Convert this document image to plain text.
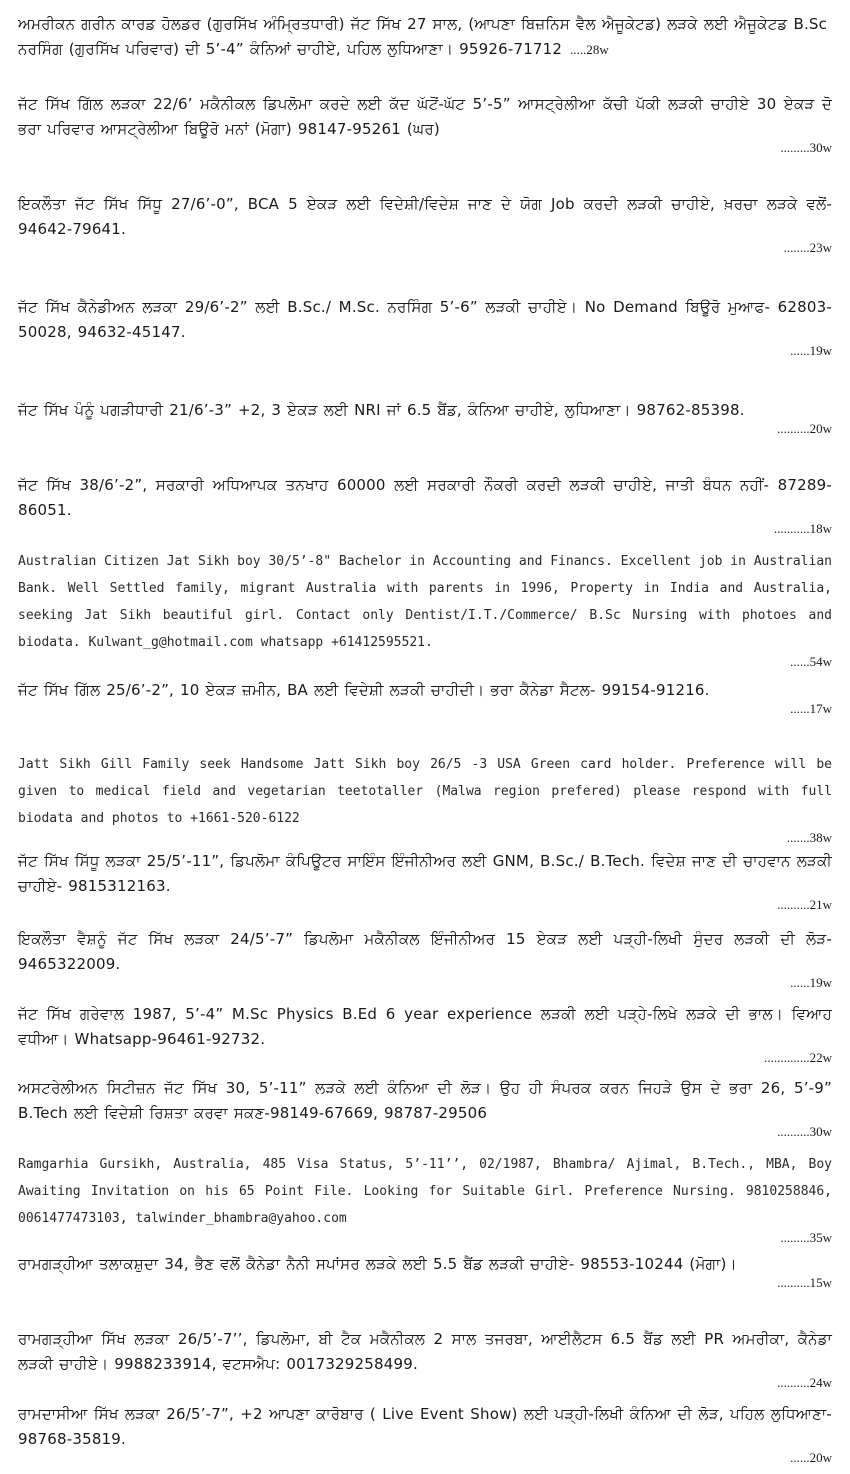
ਅਮਰੀਕਨ ਗਰੀਨ ਕਾਰਡ ਹੋਲਡਰ (ਗੁਰਸਿੱਖ ਅੰਮ੍ਰਿਤਧਾਰੀ) ਜੱਟ ਸਿੱਖ 27 ਸਾਲ, (ਆਪਣਾ ਬਿਜ਼ਨਿਸ ਵੈਲ ਐਜੂਕੇਟਡ) ਲੜਕੇ ਲਈ ਐਜੂਕੇਟਡ B.Sc ਨਰਸਿੰਗ (ਗੁਰਸਿੱਖ ਪਰਿਵਾਰ) ਦੀ 5’-4” ਕੰਨਿਆਂ ਚਾਹੀਏ, ਪਹਿਲ ਲੁਧਿਆਣਾ। 95926-71712 .....28w
ਜੱਟ ਸਿੱਖ ਗਿੱਲ ਲੜਕਾ 22/6’ ਮਕੈਨੀਕਲ ਡਿਪਲੋਮਾ ਕਰਦੇ ਲਈ ਕੱਦ ਘੱਟੋਂ-ਘੱਟ 5’-5” ਆਸਟ੍ਰੇਲੀਆ ਕੱਚੀ ਪੱਕੀ ਲੜਕੀ ਚਾਹੀਏ 30 ਏਕੜ ਦੋ ਭਰਾ ਪਰਿਵਾਰ ਆਸਟ੍ਰੇਲੀਆ ਬਿਊਰੋ ਮਨਾਂ (ਮੋਗਾ) 98147-95261 (ਘਰ)
.........30w
ਇਕਲੌਤਾ ਜੱਟ ਸਿੱਖ ਸਿੱਧੂ 27/6’-0”, BCA 5 ਏਕੜ ਲਈ ਵਿਦੇਸ਼ੀ/ਵਿਦੇਸ਼ ਜਾਣ ਦੇ ਯੋਗ Job ਕਰਦੀ ਲੜਕੀ ਚਾਹੀਏ, ਖ਼ਰਚਾ ਲੜਕੇ ਵਲੋਂ- 94642-79641.
........23w
ਜੱਟ ਸਿੱਖ ਕੈਨੇਡੀਅਨ ਲੜਕਾ 29/6’-2” ਲਈ B.Sc./ M.Sc. ਨਰਸਿੰਗ 5’-6” ਲੜਕੀ ਚਾਹੀਏ। No Demand ਬਿਊਰੋ ਮੁਆਫ- 62803-50028, 94632-45147.
......19w
ਜੱਟ ਸਿੱਖ ਪੰਨੂੰ ਪਗੜੀਧਾਰੀ 21/6’-3” +2, 3 ਏਕੜ ਲਈ NRI ਜਾਂ 6.5 ਬੈਂਡ, ਕੰਨਿਆ ਚਾਹੀਏ, ਲੁਧਿਆਣਾ। 98762-85398.
..........20w
ਜੱਟ ਸਿੱਖ 38/6’-2”, ਸਰਕਾਰੀ ਅਧਿਆਪਕ ਤਨਖਾਹ 60000 ਲਈ ਸਰਕਾਰੀ ਨੌਕਰੀ ਕਰਦੀ ਲੜਕੀ ਚਾਹੀਏ, ਜਾਤੀ ਬੰਧਨ ਨਹੀਂ- 87289-86051.
...........18w
Australian Citizen Jat Sikh boy 30/5’-8" Bachelor in Accounting and Financs. Excellent job in Australian Bank. Well Settled family, migrant Australia with parents in 1996, Property in India and Australia, seeking Jat Sikh beautiful girl. Contact only Dentist/I.T./Commerce/ B.Sc Nursing with photoes and biodata. Kulwant_g@hotmail.com whatsapp +61412595521.
......54w
ਜੱਟ ਸਿੱਖ ਗਿੱਲ 25/6’-2”, 10 ਏਕੜ ਜ਼ਮੀਨ, BA ਲਈ ਵਿਦੇਸ਼ੀ ਲੜਕੀ ਚਾਹੀਦੀ। ਭਰਾ ਕੈਨੇਡਾ ਸੈਟਲ- 99154-91216.
......17w
Jatt Sikh Gill Family seek Handsome Jatt Sikh boy 26/5 -3 USA Green card holder. Preference will be given to medical field and vegetarian teetotaller (Malwa region prefered) please respond with full biodata and photos to +1661-520-6122
.......38w
ਜੱਟ ਸਿੱਖ ਸਿੱਧੂ ਲੜਕਾ 25/5’-11”, ਡਿਪਲੋਮਾ ਕੰਪਿਊਟਰ ਸਾਇੰਸ ਇੰਜੀਨੀਅਰ ਲਈ GNM, B.Sc./ B.Tech. ਵਿਦੇਸ਼ ਜਾਣ ਦੀ ਚਾਹਵਾਨ ਲੜਕੀ ਚਾਹੀਏ- 9815312163.
..........21w
ਇਕਲੌਤਾ ਵੈਸ਼ਨੂੰ ਜੱਟ ਸਿੱਖ ਲੜਕਾ 24/5’-7” ਡਿਪਲੋਮਾ ਮਕੈਨੀਕਲ ਇੰਜੀਨੀਅਰ 15 ਏਕੜ ਲਈ ਪੜ੍ਹੀ-ਲਿਖੀ ਸੁੰਦਰ ਲੜਕੀ ਦੀ ਲੋੜ- 9465322009.
......19w
ਜੱਟ ਸਿੱਖ ਗਰੇਵਾਲ 1987, 5’-4” M.Sc Physics B.Ed 6 year experience ਲੜਕੀ ਲਈ ਪੜ੍ਹੇ-ਲਿਖੇ ਲੜਕੇ ਦੀ ਭਾਲ। ਵਿਆਹ ਵਧੀਆ। Whatsapp-96461-92732.
..............22w
ਅਸਟਰੇਲੀਅਨ ਸਿਟੀਜ਼ਨ ਜੱਟ ਸਿੱਖ 30, 5’-11” ਲੜਕੇ ਲਈ ਕੰਨਿਆ ਦੀ ਲੋੜ। ਉਹ ਹੀ ਸੰਪਰਕ ਕਰਨ ਜਿਹੜੇ ਉਸ ਦੇ ਭਰਾ 26, 5’-9” B.Tech ਲਈ ਵਿਦੇਸ਼ੀ ਰਿਸ਼ਤਾ ਕਰਵਾ ਸਕਣ-98149-67669, 98787-29506
..........30w
Ramgarhia Gursikh, Australia, 485 Visa Status, 5’-11’’, 02/1987, Bhambra/ Ajimal, B.Tech., MBA, Boy Awaiting Invitation on his 65 Point File. Looking for Suitable Girl. Preference Nursing. 9810258846, 0061477473103, talwinder_bhambra@yahoo.com
.........35w
ਰਾਮਗੜ੍ਹੀਆ ਤਲਾਕਸ਼ੁਦਾ 34, ਭੈਣ ਵਲੋਂ ਕੈਨੇਡਾ ਨੈਨੀ ਸਪਾਂਸਰ ਲੜਕੇ ਲਈ 5.5 ਬੈਂਡ ਲੜਕੀ ਚਾਹੀਏ- 98553-10244 (ਮੋਗਾ)।
..........15w
ਰਾਮਗੜ੍ਹੀਆ ਸਿੱਖ ਲੜਕਾ 26/5’-7’’, ਡਿਪਲੋਮਾ, ਬੀ ਟੈਕ ਮਕੈਨੀਕਲ 2 ਸਾਲ ਤਜਰਬਾ, ਆਈਲੈਟਸ 6.5 ਬੈਂਡ ਲਈ PR ਅਮਰੀਕਾ, ਕੈਨੇਡਾ ਲੜਕੀ ਚਾਹੀਏ। 9988233914, ਵਟਸਐਪ: 0017329258499.
..........24w
ਰਾਮਦਾਸੀਆ ਸਿੱਖ ਲੜਕਾ 26/5’-7”, +2 ਆਪਣਾ ਕਾਰੋਬਾਰ ( Live Event Show) ਲਈ ਪੜ੍ਹੀ-ਲਿਖੀ ਕੰਨਿਆ ਦੀ ਲੋੜ, ਪਹਿਲ ਲੁਧਿਆਣਾ- 98768-35819.
......20w
